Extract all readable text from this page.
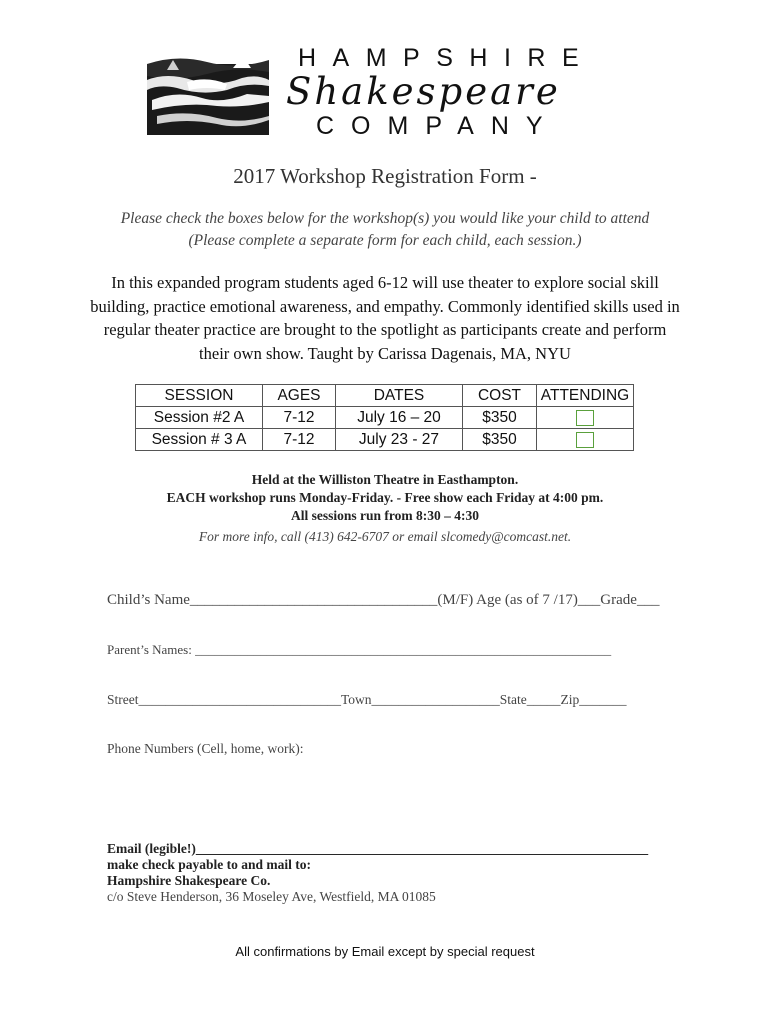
HAMPSHIRE
Shakespeare
COMPANY
2017 Workshop Registration Form -
Please check the boxes below for the workshop(s) you would like your child to attend
(Please complete a separate form for each child, each session.)
In this expanded program students aged 6-12 will use theater to explore social skill building, practice emotional awareness, and empathy. Commonly identified skills used in regular theater practice are brought to the spotlight as participants create and perform their own show. Taught by Carissa Dagenais, MA, NYU
SESSION	AGES	DATES	COST	ATTENDING
Session #2 A	7-12	July 16 – 20	$350	
Session # 3 A	7-12	July 23 - 27	$350	
Held at the Williston Theatre in Easthampton.
EACH workshop runs Monday-Friday. - Free show each Friday at 4:00 pm.
All sessions run from 8:30 – 4:30
For more info, call (413) 642-6707 or email slcomedy@comcast.net.
Child’s Name_________________________________(M/F) Age (as of 7 /17)___Grade___
Parent’s Names: ________________________________________________________________
Street______________________________Town___________________State_____Zip_______
Phone Numbers (Cell, home, work):
Email (legible!)___________________________________________________________________
make check payable to and mail to:
Hampshire Shakespeare Co.
c/o Steve Henderson, 36 Moseley Ave, Westfield, MA 01085
All confirmations by Email except by special request
